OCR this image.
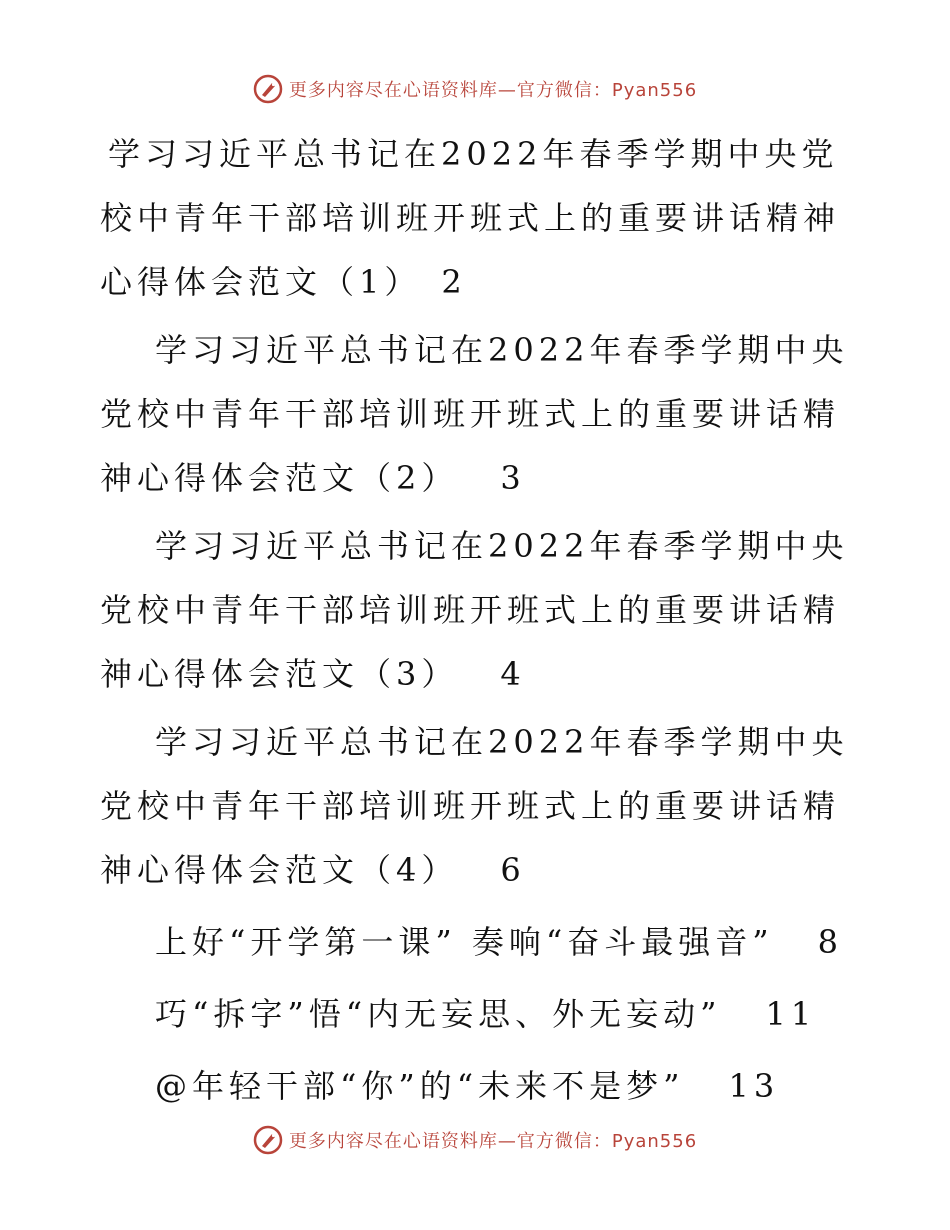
更多内容尽在心语资料库—官方微信：Pyan556

学习习近平总书记在2022年春季学期中央党校中青年干部培训班开班式上的重要讲话精神心得体会范文（1） 2

学习习近平总书记在2022年春季学期中央党校中青年干部培训班开班式上的重要讲话精神心得体会范文（2） 3

学习习近平总书记在2022年春季学期中央党校中青年干部培训班开班式上的重要讲话精神心得体会范文（3） 4

学习习近平总书记在2022年春季学期中央党校中青年干部培训班开班式上的重要讲话精神心得体会范文（4） 6

上好“开学第一课” 奏响“奋斗最强音” 8

巧“拆字”悟“内无妄思、外无妄动” 11

@年轻干部“你”的“未来不是梦” 13

更多内容尽在心语资料库—官方微信：Pyan556
